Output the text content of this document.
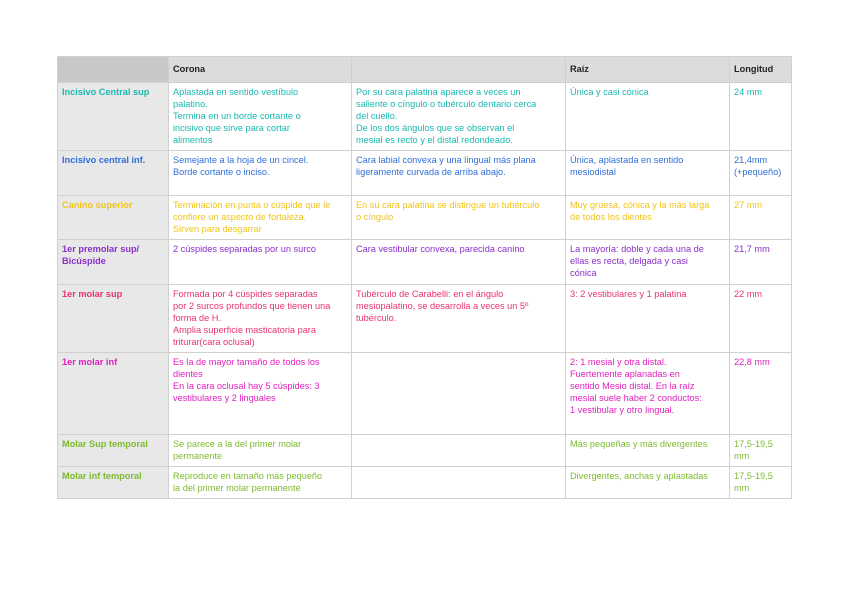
	Corona		Raíz	Longitud
Incisivo Central sup	Aplastada en sentido vestíbulo
palatino.
Termina en un borde cortante o
incisivo que sirve para cortar
alimentos	Por su cara palatina aparece a veces un
saliente o cíngulo o tubérculo dentario cerca
del cuello.
De los dos ángulos que se observan el
mesial es recto y el distal redondeado.	Única y casi cónica	24 mm

Incisivo central inf.	Semejante a la hoja de un cincel.
Borde cortante o inciso.	Cara labial convexa y una lingual más plana
ligeramente curvada de arriba abajo.	Única, aplastada en sentido
mesiodistal	21,4mm
(+pequeño)

Canino superior	Terminación en punta o cúspide que le
confiere un aspecto de fortaleza.
Sirven para desgarrar	En su cara palatina se distingue un tubérculo
o cíngulo	Muy gruesa, cónica y la más larga
de todos los dientes	27 mm

1er premolar sup/ Bicúspide	2 cúspides separadas por un surco	Cara vestibular convexa, parecida canino	La mayoría: doble y cada una de
ellas es recta, delgada y casi
cónica	21,7 mm

1er molar sup	Formada por 4 cúspides separadas
por 2 surcos profundos que tienen una
forma de H.
Amplia superficie masticatoria para
triturar(cara oclusal)	Tubérculo de Carabelli: en el ángulo
mesiopalatino, se desarrolla a veces un 5º
tubérculo.	3: 2 vestibulares y 1 palatina	22 mm

1er molar inf	Es la de mayor tamaño de todos los
dientes
En la cara oclusal hay 5 cúspides: 3
vestibulares y 2 linguales		2: 1 mesial y otra distal.
Fuertemente aplanadas en
sentido Mesio distal. En la raíz
mesial suele haber 2 conductos:
1 vestibular y otro lingual.	22,8 mm

Molar Sup temporal	Se parece a la del primer molar
permanente		Más pequeñas y más divergentes	17,5-19,5
mm

Molar inf temporal	Reproduce en tamaño más pequeño
la del primer molar permanente		Divergentes, anchas y aplastadas	17,5-19,5
mm
